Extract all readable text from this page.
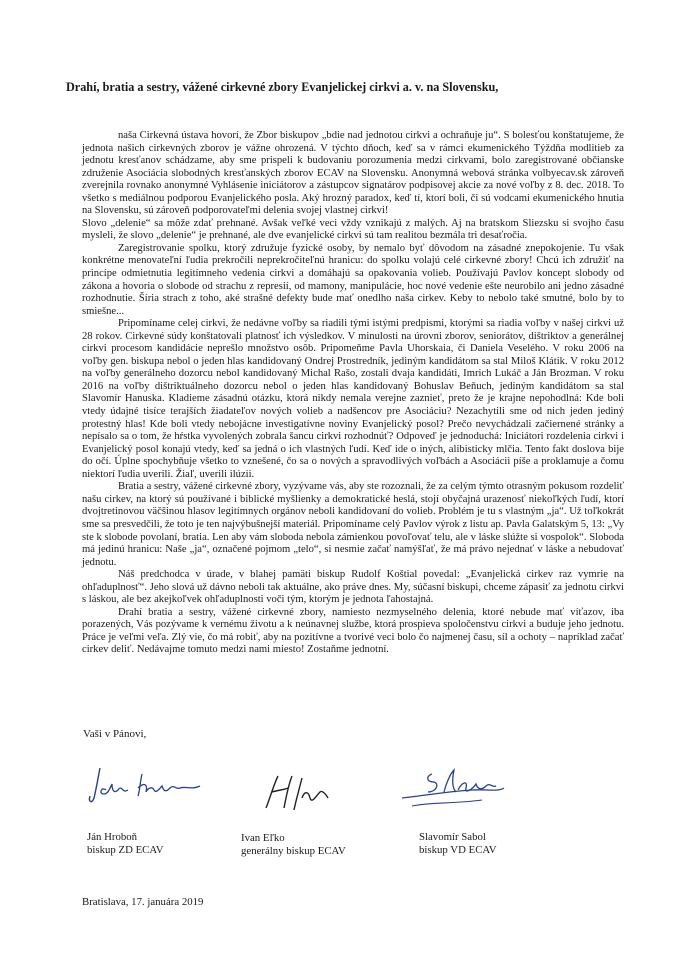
Drahí, bratia a sestry, vážené cirkevné zbory Evanjelickej cirkvi a. v. na Slovensku,

naša Cirkevná ústava hovorí, že Zbor biskupov „bdie nad jednotou cirkvi a ochraňuje ju“. S bolesťou konštatujeme, že jednota našich cirkevných zborov je vážne ohrozená. V týchto dňoch, keď sa v rámci ekumenického Týždňa modlitieb za jednotu kresťanov schádzame, aby sme prispeli k budovaniu porozumenia medzi cirkvami, bolo zaregistrované občianske združenie Asociácia slobodných kresťanských zborov ECAV na Slovensku. Anonymná webová stránka volbyecav.sk zároveň zverejnila rovnako anonymné Vyhlásenie iniciátorov a zástupcov signatárov podpisovej akcie za nové voľby z 8. dec. 2018. To všetko s mediálnou podporou Evanjelického posla. Aký hrozný paradox, keď tí, ktorí boli, či sú vodcami ekumenického hnutia na Slovensku, sú zároveň podporovateľmi delenia svojej vlastnej cirkvi!

Slovo „delenie“ sa môže zdať prehnané. Avšak veľké veci vždy vznikajú z malých. Aj na bratskom Sliezsku si svojho času mysleli, že slovo „delenie“ je prehnané, ale dve evanjelické cirkvi sú tam realitou bezmála tri desaťročia.

Zaregistrovanie spolku, ktorý združuje fyzické osoby, by nemalo byť dôvodom na zásadné znepokojenie. Tu však konkrétne menovateľní ľudia prekročili neprekročiteľnú hranicu: do spolku volajú celé cirkevné zbory! Chcú ich združiť na princípe odmietnutia legitímneho vedenia cirkvi a domáhajú sa opakovania volieb. Používajú Pavlov koncept slobody od zákona a hovoria o slobode od strachu z represií, od mamony, manipulácie, hoc nové vedenie ešte neurobilo ani jedno zásadné rozhodnutie. Šíria strach z toho, aké strašné defekty bude mať onedlho naša cirkev. Keby to nebolo také smutné, bolo by to smiešne...

Pripomíname celej cirkvi, že nedávne voľby sa riadili tými istými predpismi, ktorými sa riadia voľby v našej cirkvi už 28 rokov. Cirkevné súdy konštatovali platnosť ich výsledkov. V minulosti na úrovni zborov, seniorátov, dištriktov a generálnej cirkvi procesom kandidácie neprešlo množstvo osôb. Pripomeňme Pavla Uhorskaia, či Daniela Veselého. V roku 2006 na voľby gen. biskupa nebol o jeden hlas kandidovaný Ondrej Prostredník, jediným kandidátom sa stal Miloš Klátik. V roku 2012 na voľby generálneho dozorcu nebol kandidovaný Michal Rašo, zostali dvaja kandidáti, Imrich Lukáč a Ján Brozman. V roku 2016 na voľby dištriktuálneho dozorcu nebol o jeden hlas kandidovaný Bohuslav Beňuch, jediným kandidátom sa stal Slavomír Hanuska. Kladieme zásadnú otázku, ktorá nikdy nemala verejne zaznieť, preto že je krajne nepohodlná: Kde boli vtedy údajné tisíce terajších žiadateľov nových volieb a nadšencov pre Asociáciu? Nezachytili sme od nich jeden jediný protestný hlas! Kde boli vtedy nebojácne investigatívne noviny Evanjelický posol? Prečo nevychádzali začiernené stránky a nepísalo sa o tom, že hŕstka vyvolených zobrala šancu cirkvi rozhodnúť? Odpoveď je jednoduchá: Iniciátori rozdelenia cirkvi i Evanjelický posol konajú vtedy, keď sa jedná o ich vlastných ľudí. Keď ide o iných, alibisticky mlčia. Tento fakt doslova bije do očí. Úplne spochybňuje všetko to vznešené, čo sa o nových a spravodlivých voľbách a Asociácii píše a proklamuje a čomu niektorí ľudia uverili. Žiaľ, uverili ilúzii.

Bratia a sestry, vážené cirkevné zbory, vyzývame vás, aby ste rozoznali, že za celým týmto otrasným pokusom rozdeliť našu cirkev, na ktorý sú používané i biblické myšlienky a demokratické heslá, stojí obyčajná urazenosť niekoľkých ľudí, ktorí dvojtretinovou väčšinou hlasov legitímnych orgánov neboli kandidovaní do volieb. Problém je tu s vlastným „ja“. Už toľkokrát sme sa presvedčili, že toto je ten najvýbušnejší materiál. Pripomíname celý Pavlov výrok z listu ap. Pavla Galatským 5, 13: „Vy ste k slobode povolaní, bratia. Len aby vám sloboda nebola zámienkou povoľovať telu, ale v láske slúžte si vospolok“. Sloboda má jedinú hranicu: Naše „ja“, označené pojmom „telo“, si nesmie začať namýšľať, že má právo nejednať v láske a nebudovať jednotu.

Náš predchodca v úrade, v blahej pamäti biskup Rudolf Koštial povedal: „Evanjelická cirkev raz vymrie na ohľaduplnosť“. Jeho slová už dávno neboli tak aktuálne, ako práve dnes. My, súčasní biskupi, chceme zápasiť za jednotu cirkvi s láskou, ale bez akejkoľvek ohľaduplnosti voči tým, ktorým je jednota ľahostajná.

Drahí bratia a sestry, vážené cirkevné zbory, namiesto nezmyselného delenia, ktoré nebude mať víťazov, iba porazených, Vás pozývame k vernému životu a k neúnavnej službe, ktorá prospieva spoločenstvu cirkvi a buduje jeho jednotu. Práce je veľmi veľa. Zlý vie, čo má robiť, aby na pozitívne a tvorivé veci bolo čo najmenej času, síl a ochoty – napríklad začať cirkev deliť. Nedávajme tomuto medzi nami miesto! Zostaňme jednotní.

Vaši v Pánovi,
Ján Hroboň
biskup ZD ECAV
Ivan Eľko
generálny biskup ECAV
Slavomír Sabol
biskup VD ECAV
Bratislava, 17. januára 2019
